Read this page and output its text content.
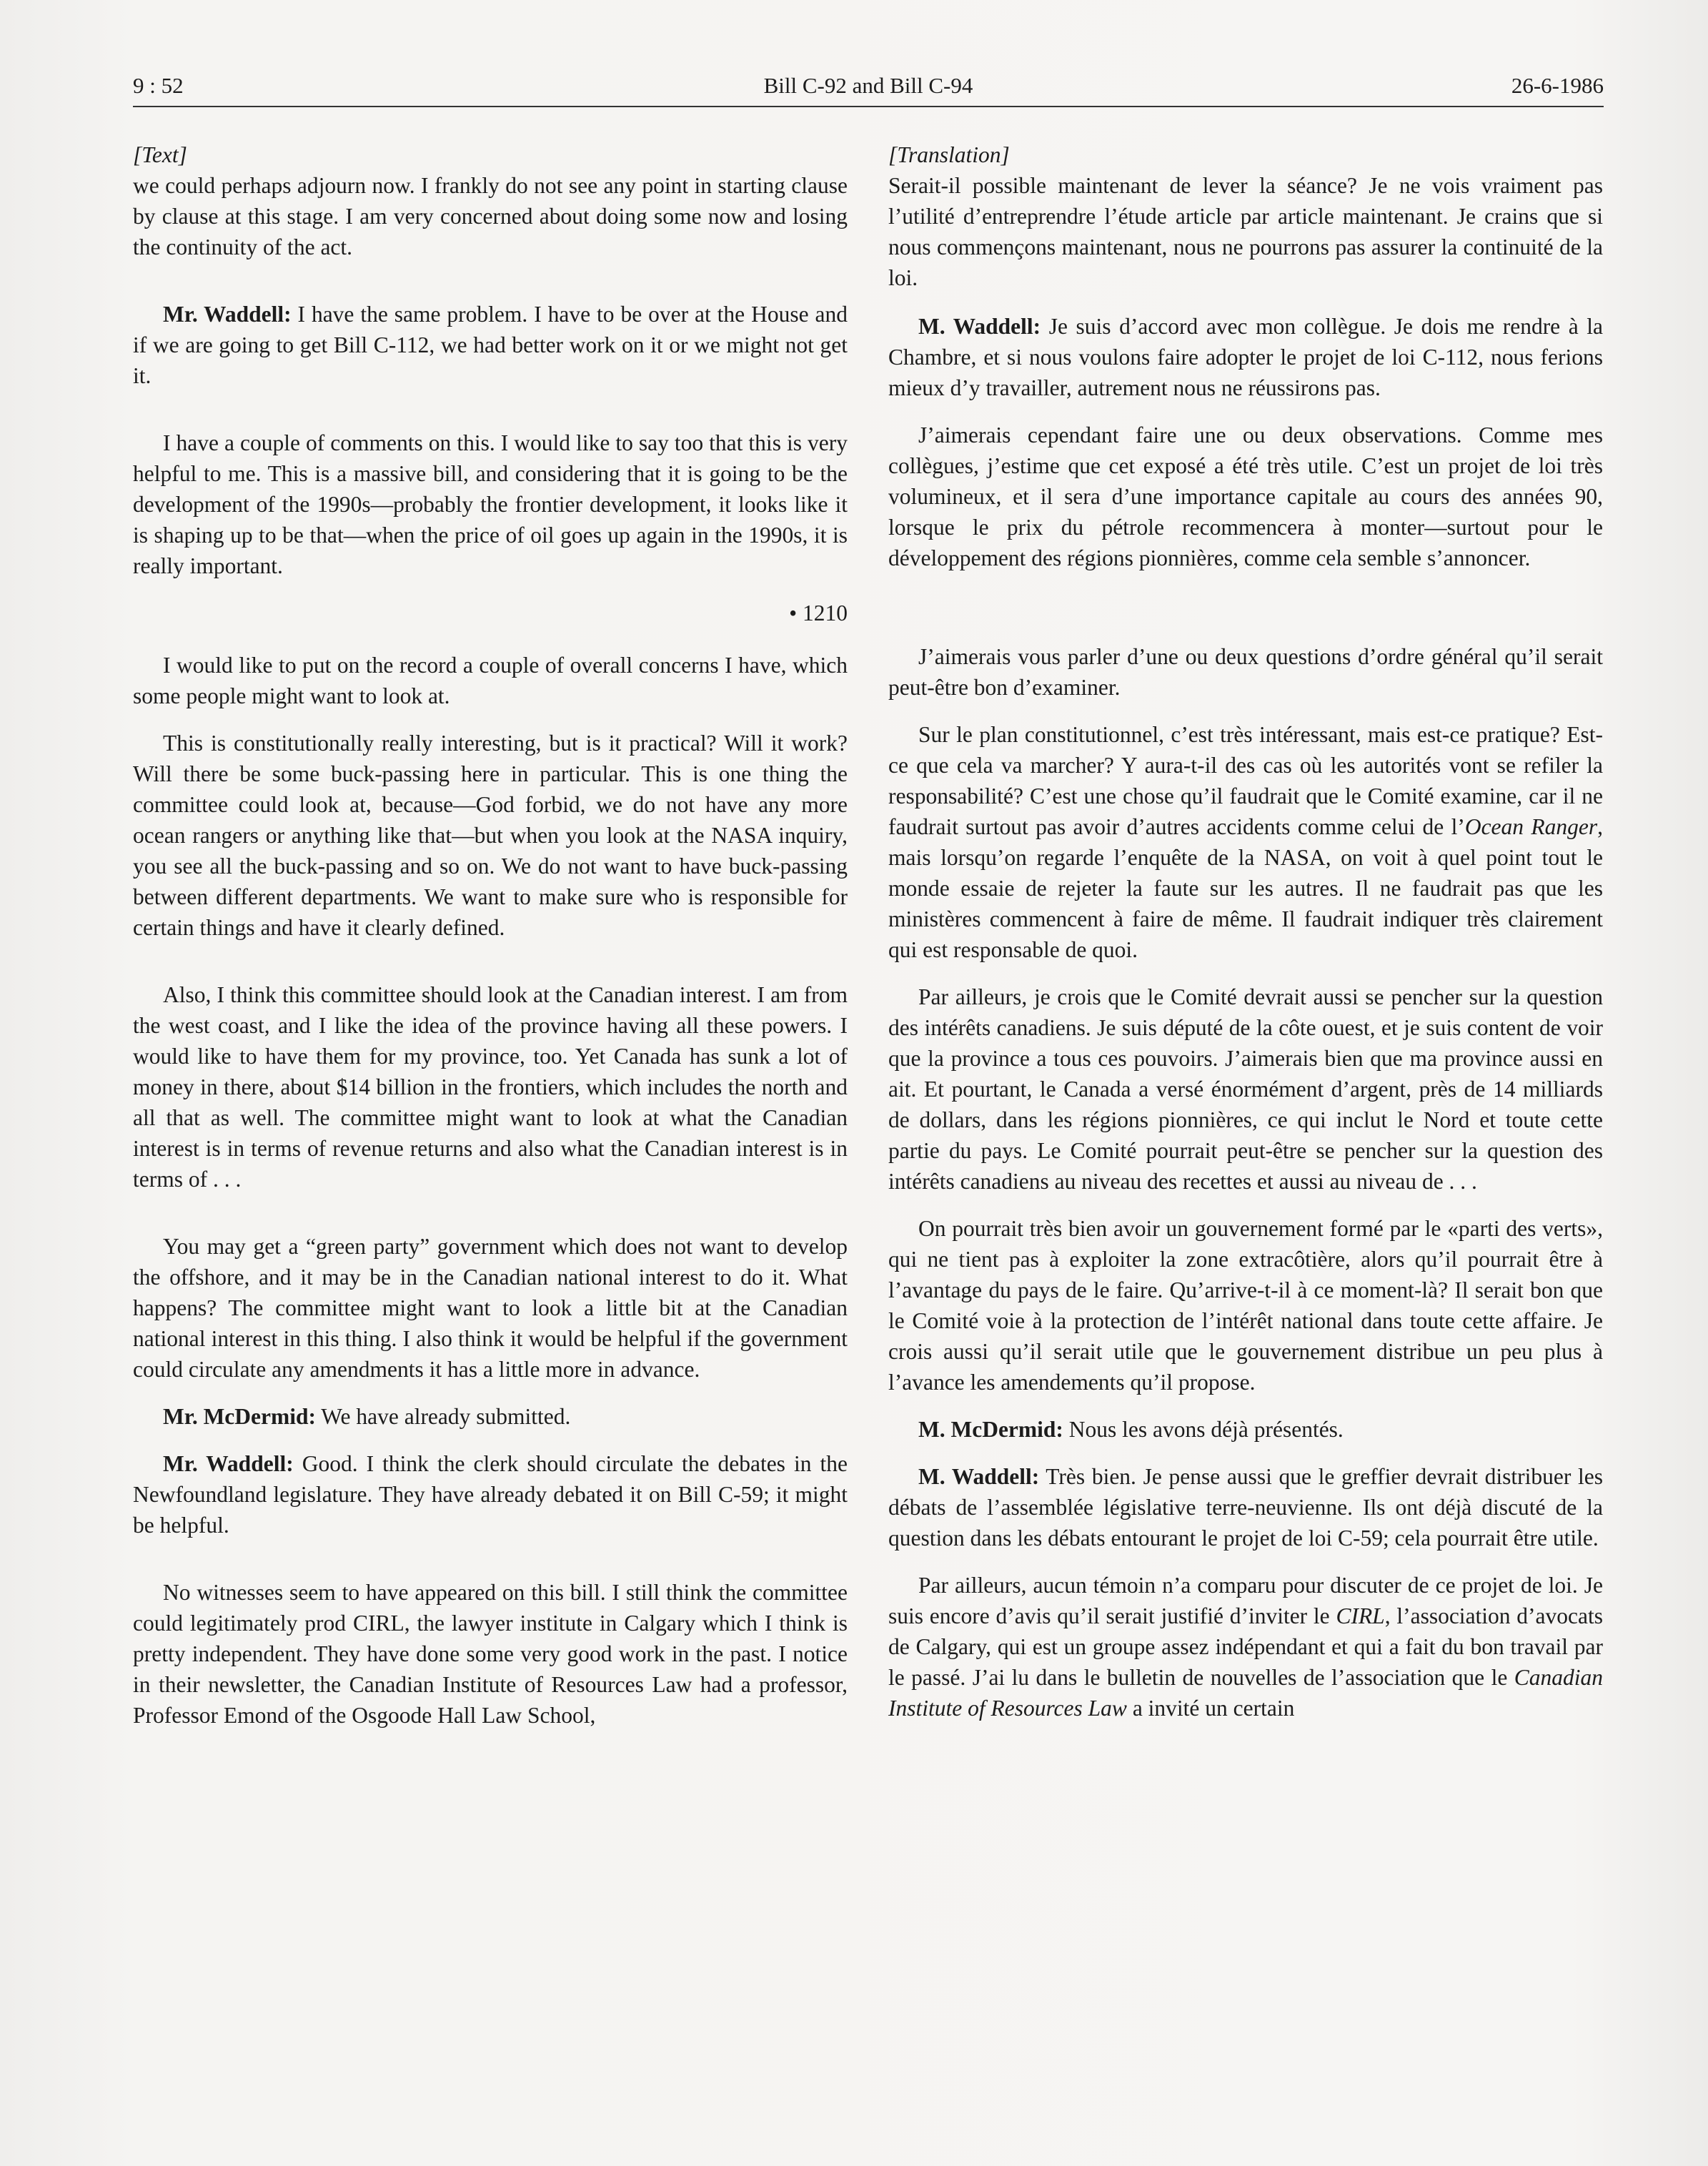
9 : 52	Bill C-92 and Bill C-94	26-6-1986

[Text]

we could perhaps adjourn now. I frankly do not see any point in starting clause by clause at this stage. I am very concerned about doing some now and losing the continuity of the act.

Mr. Waddell: I have the same problem. I have to be over at the House and if we are going to get Bill C-112, we had better work on it or we might not get it.

I have a couple of comments on this. I would like to say too that this is very helpful to me. This is a massive bill, and considering that it is going to be the development of the 1990s—probably the frontier development, it looks like it is shaping up to be that—when the price of oil goes up again in the 1990s, it is really important.

• 1210

I would like to put on the record a couple of overall concerns I have, which some people might want to look at.

This is constitutionally really interesting, but is it practical? Will it work? Will there be some buck-passing here in particular. This is one thing the committee could look at, because—God forbid, we do not have any more ocean rangers or anything like that—but when you look at the NASA inquiry, you see all the buck-passing and so on. We do not want to have buck-passing between different departments. We want to make sure who is responsible for certain things and have it clearly defined.

Also, I think this committee should look at the Canadian interest. I am from the west coast, and I like the idea of the province having all these powers. I would like to have them for my province, too. Yet Canada has sunk a lot of money in there, about $14 billion in the frontiers, which includes the north and all that as well. The committee might want to look at what the Canadian interest is in terms of revenue returns and also what the Canadian interest is in terms of . . .

You may get a “green party” government which does not want to develop the offshore, and it may be in the Canadian national interest to do it. What happens? The committee might want to look a little bit at the Canadian national interest in this thing. I also think it would be helpful if the government could circulate any amendments it has a little more in advance.

Mr. McDermid: We have already submitted.

Mr. Waddell: Good. I think the clerk should circulate the debates in the Newfoundland legislature. They have already debated it on Bill C-59; it might be helpful.

No witnesses seem to have appeared on this bill. I still think the committee could legitimately prod CIRL, the lawyer institute in Calgary which I think is pretty independent. They have done some very good work in the past. I notice in their newsletter, the Canadian Institute of Resources Law had a professor, Professor Emond of the Osgoode Hall Law School,

[Translation]

Serait-il possible maintenant de lever la séance? Je ne vois vraiment pas l’utilité d’entreprendre l’étude article par article maintenant. Je crains que si nous commençons maintenant, nous ne pourrons pas assurer la continuité de la loi.

M. Waddell: Je suis d’accord avec mon collègue. Je dois me rendre à la Chambre, et si nous voulons faire adopter le projet de loi C-112, nous ferions mieux d’y travailler, autrement nous ne réussirons pas.

J’aimerais cependant faire une ou deux observations. Comme mes collègues, j’estime que cet exposé a été très utile. C’est un projet de loi très volumineux, et il sera d’une importance capitale au cours des années 90, lorsque le prix du pétrole recommencera à monter—surtout pour le développement des régions pionnières, comme cela semble s’annoncer.

J’aimerais vous parler d’une ou deux questions d’ordre général qu’il serait peut-être bon d’examiner.

Sur le plan constitutionnel, c’est très intéressant, mais est-ce pratique? Est-ce que cela va marcher? Y aura-t-il des cas où les autorités vont se refiler la responsabilité? C’est une chose qu’il faudrait que le Comité examine, car il ne faudrait surtout pas avoir d’autres accidents comme celui de l’Ocean Ranger, mais lorsqu’on regarde l’enquête de la NASA, on voit à quel point tout le monde essaie de rejeter la faute sur les autres. Il ne faudrait pas que les ministères commencent à faire de même. Il faudrait indiquer très clairement qui est responsable de quoi.

Par ailleurs, je crois que le Comité devrait aussi se pencher sur la question des intérêts canadiens. Je suis député de la côte ouest, et je suis content de voir que la province a tous ces pouvoirs. J’aimerais bien que ma province aussi en ait. Et pourtant, le Canada a versé énormément d’argent, près de 14 milliards de dollars, dans les régions pionnières, ce qui inclut le Nord et toute cette partie du pays. Le Comité pourrait peut-être se pencher sur la question des intérêts canadiens au niveau des recettes et aussi au niveau de . . .

On pourrait très bien avoir un gouvernement formé par le «parti des verts», qui ne tient pas à exploiter la zone extracôtière, alors qu’il pourrait être à l’avantage du pays de le faire. Qu’arrive-t-il à ce moment-là? Il serait bon que le Comité voie à la protection de l’intérêt national dans toute cette affaire. Je crois aussi qu’il serait utile que le gouvernement distribue un peu plus à l’avance les amendements qu’il propose.

M. McDermid: Nous les avons déjà présentés.

M. Waddell: Très bien. Je pense aussi que le greffier devrait distribuer les débats de l’assemblée législative terre-neuvienne. Ils ont déjà discuté de la question dans les débats entourant le projet de loi C-59; cela pourrait être utile.

Par ailleurs, aucun témoin n’a comparu pour discuter de ce projet de loi. Je suis encore d’avis qu’il serait justifié d’inviter le CIRL, l’association d’avocats de Calgary, qui est un groupe assez indépendant et qui a fait du bon travail par le passé. J’ai lu dans le bulletin de nouvelles de l’association que le Canadian Institute of Resources Law a invité un certain
